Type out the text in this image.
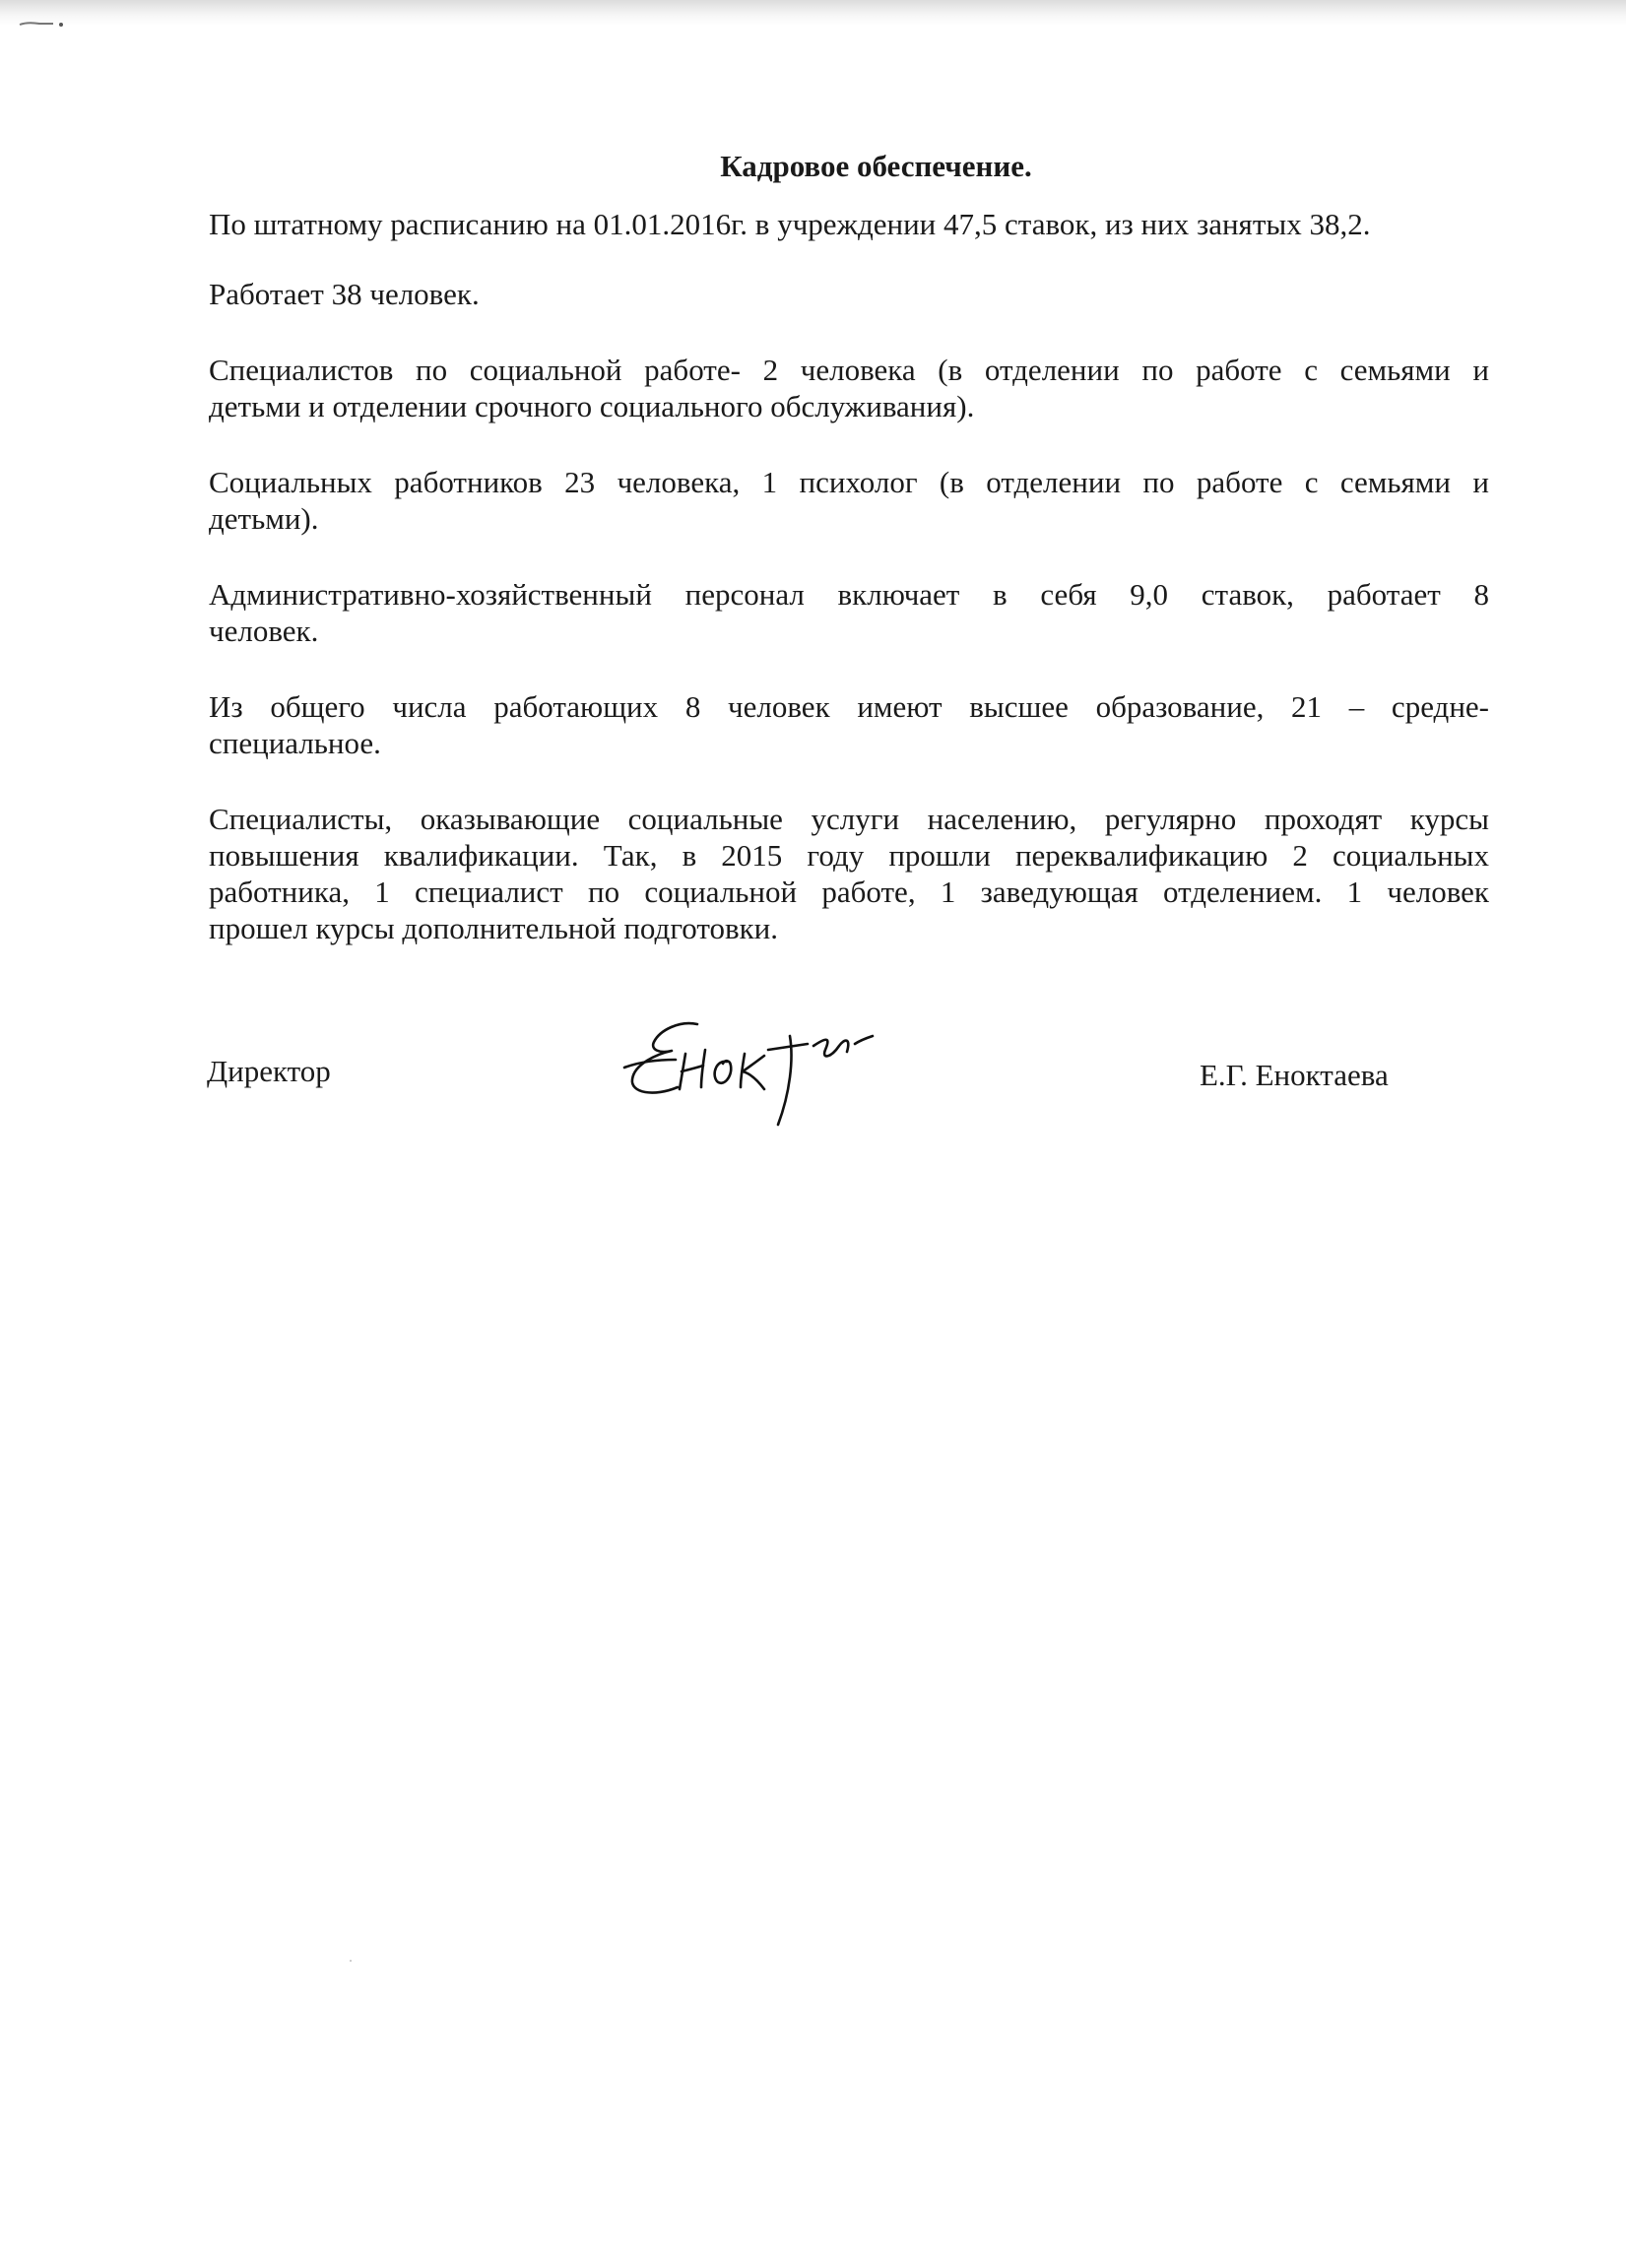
Кадровое обеспечение.
По штатному расписанию на 01.01.2016г. в учреждении 47,5 ставок, из них занятых 38,2.
Работает 38 человек.
Специалистов по социальной работе- 2 человека (в отделении по работе с семьями и
детьми и отделении срочного социального обслуживания).
Социальных работников 23 человека, 1 психолог (в отделении по работе с семьями и
детьми).
Административно-хозяйственный персонал включает в себя 9,0 ставок, работает 8
человек.
Из общего числа работающих 8 человек имеют высшее образование, 21 – средне-
специальное.
Специалисты, оказывающие социальные услуги населению, регулярно проходят курсы
повышения квалификации. Так, в 2015 году прошли переквалификацию 2 социальных
работника, 1 специалист по социальной работе, 1 заведующая отделением. 1 человек
прошел курсы дополнительной подготовки.
Директор	Е.Г. Еноктаева
